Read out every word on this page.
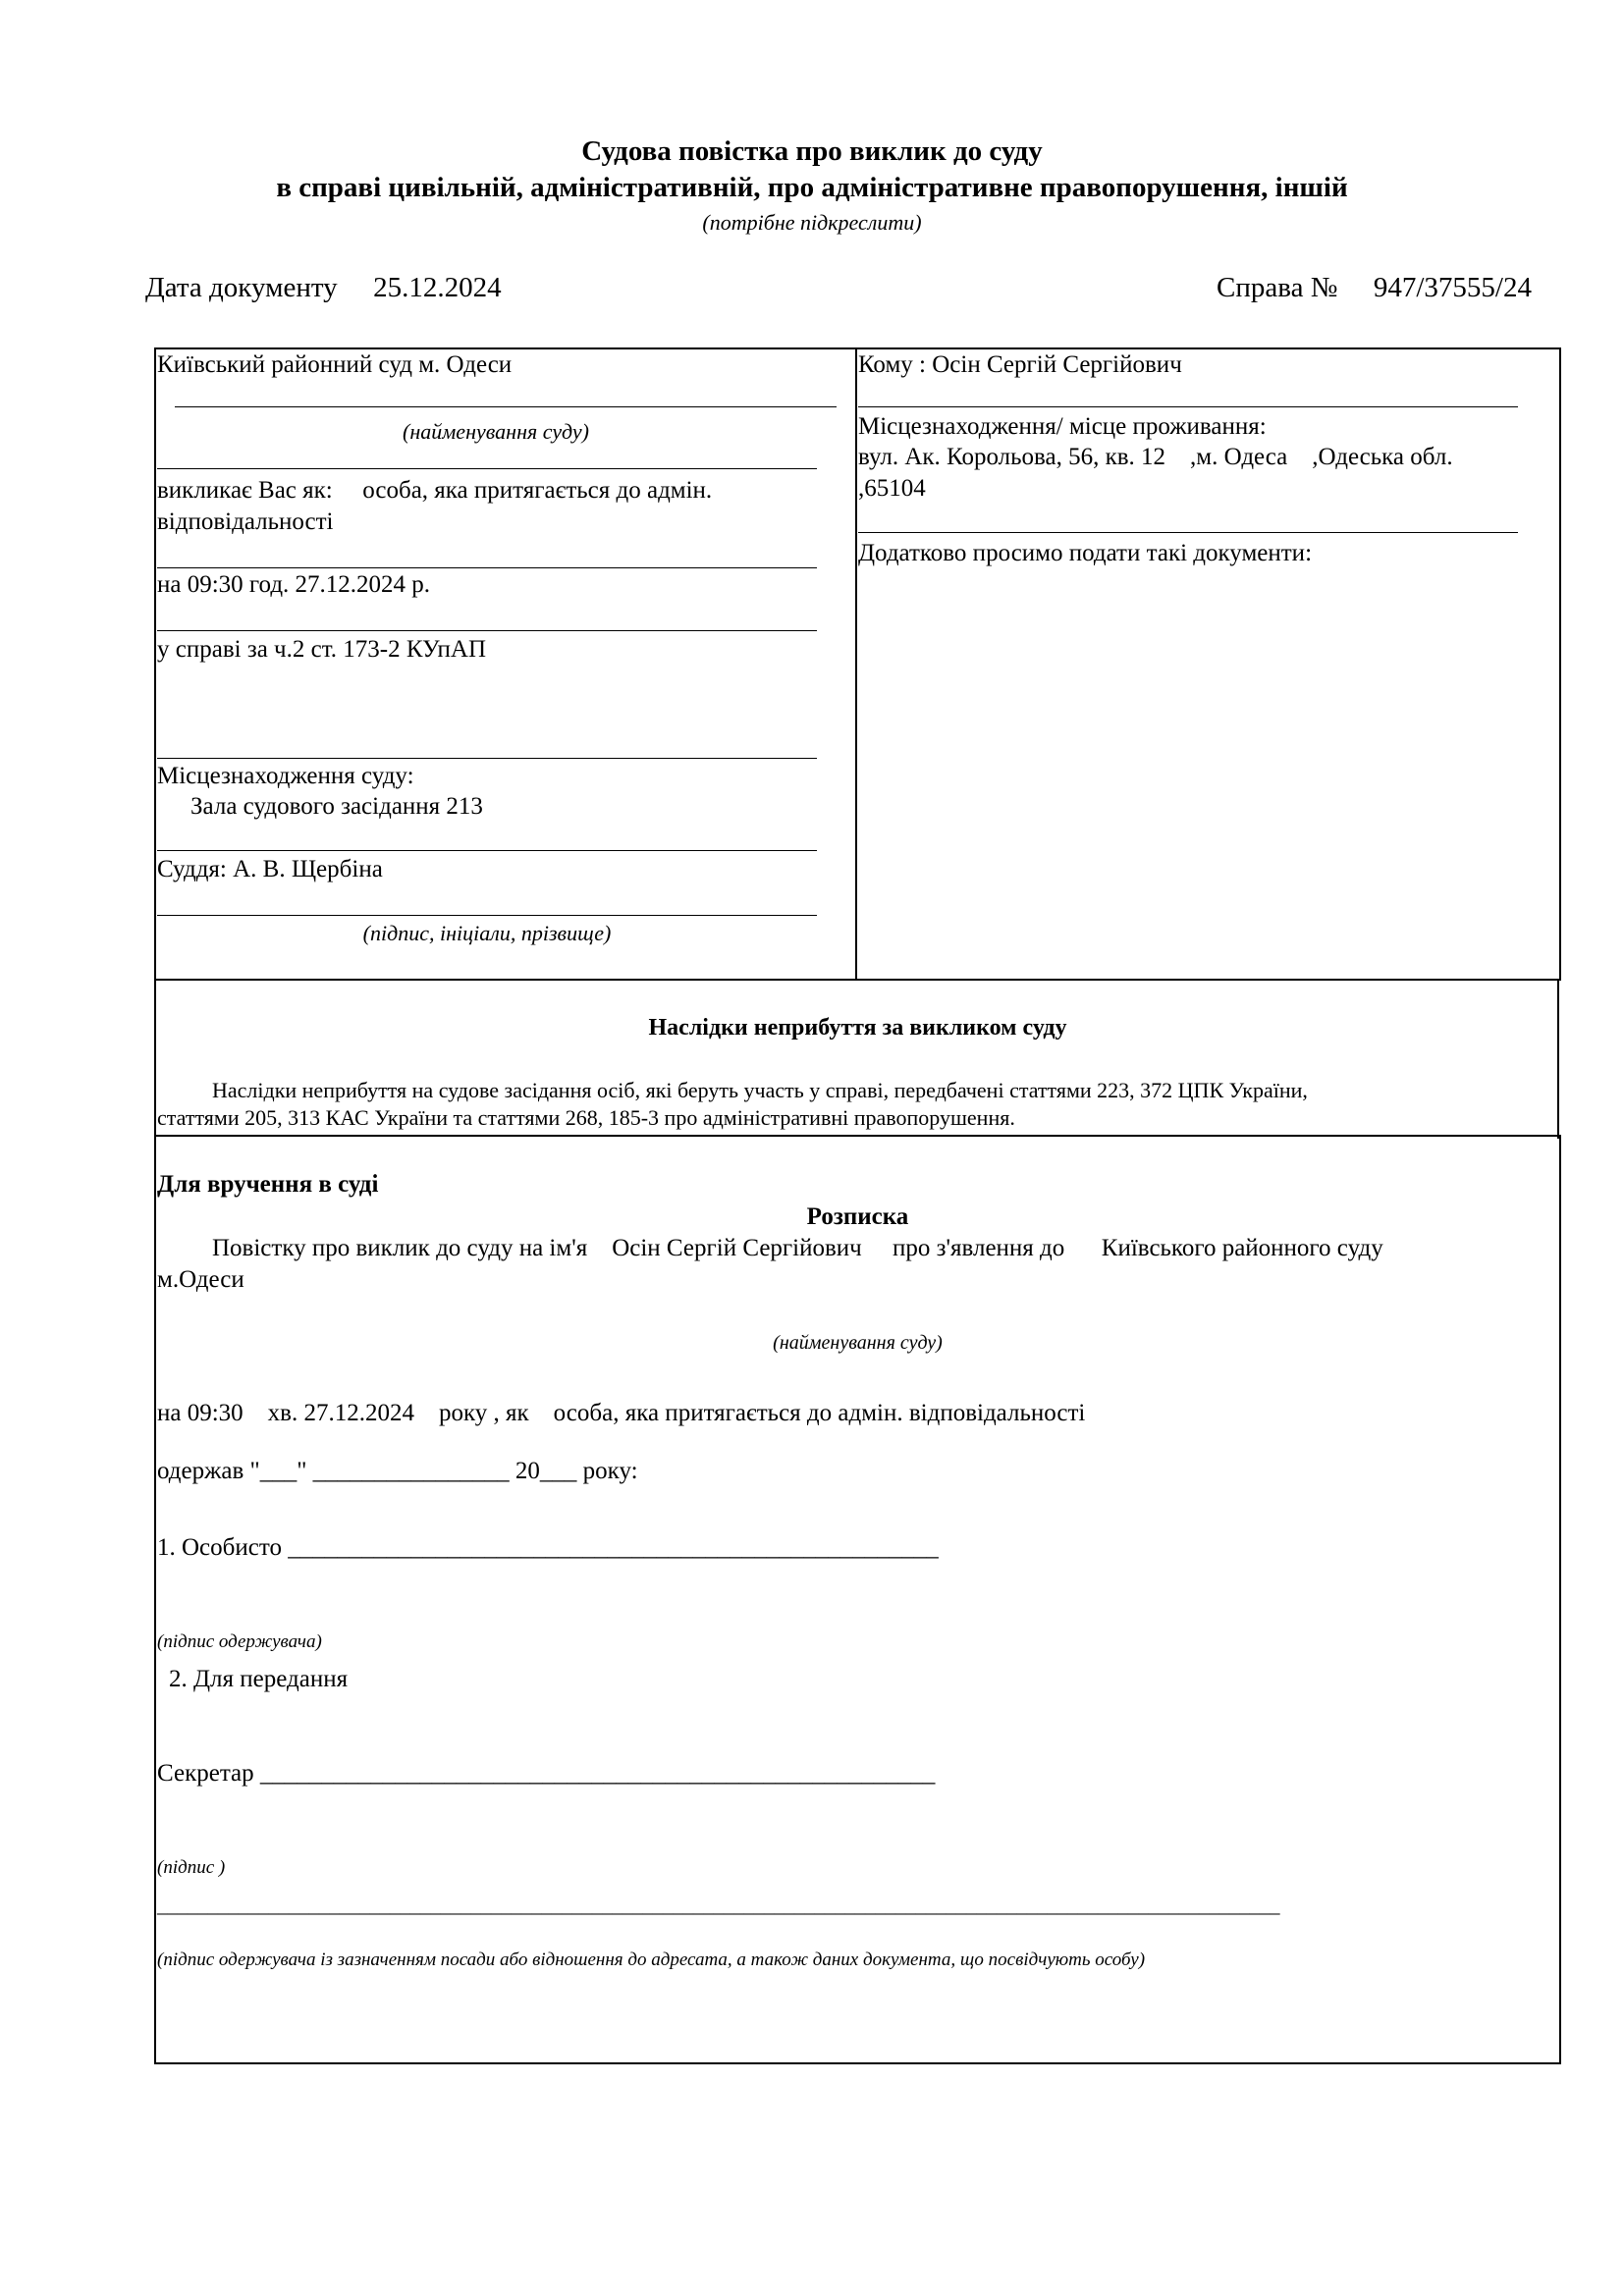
Судова повістка про виклик до суду
в справі цивільній, адміністративній, про адміністративне правопорушення, іншій
(потрібне підкреслити)
Дата документу 25.12.2024	Справа № 947/37555/24
Київський районний суд м. Одеси
(найменування суду)
викликає Вас як: особа, яка притягається до адмін.
відповідальності
на 09:30 год. 27.12.2024 р.
у справі за ч.2 ст. 173-2 КУпАП
Місцезнаходження суду:
Зала судового засідання 213
Суддя: А. В. Щербіна
(підпис, ініціали, прізвище)
Кому : Осін Сергій Сергійович
Місцезнаходження/ місце проживання:
вул. Ак. Корольова, 56, кв. 12    ,м. Одеса    ,Одеська обл.
,65104
Додатково просимо подати такі документи:
Наслідки неприбуття за викликом суду
Наслідки неприбуття на судове засідання осіб, які беруть участь у справі, передбачені статтями 223, 372 ЦПК України,
статтями 205, 313 КАС України та статтями 268, 185-3 про адміністративні правопорушення.
Для вручення в суді
Розписка
Повістку про виклик до суду на ім'я Осін Сергій Сергійович про з'явлення до Київського районного суду
м.Одеси
(найменування суду)
на 09:30    хв. 27.12.2024    року , як    особа, яка притягається до адмін. відповідальності
одержав "___" ________________ 20___ року:
1. Особисто _____________________________________________________
(підпис одержувача)
2. Для передання
Секретар _______________________________________________________
(підпис )
_______________________________________________________________________________________________________________
(підпис одержувача із зазначенням посади або відношення до адресата, а також даних документа, що посвідчують особу)
